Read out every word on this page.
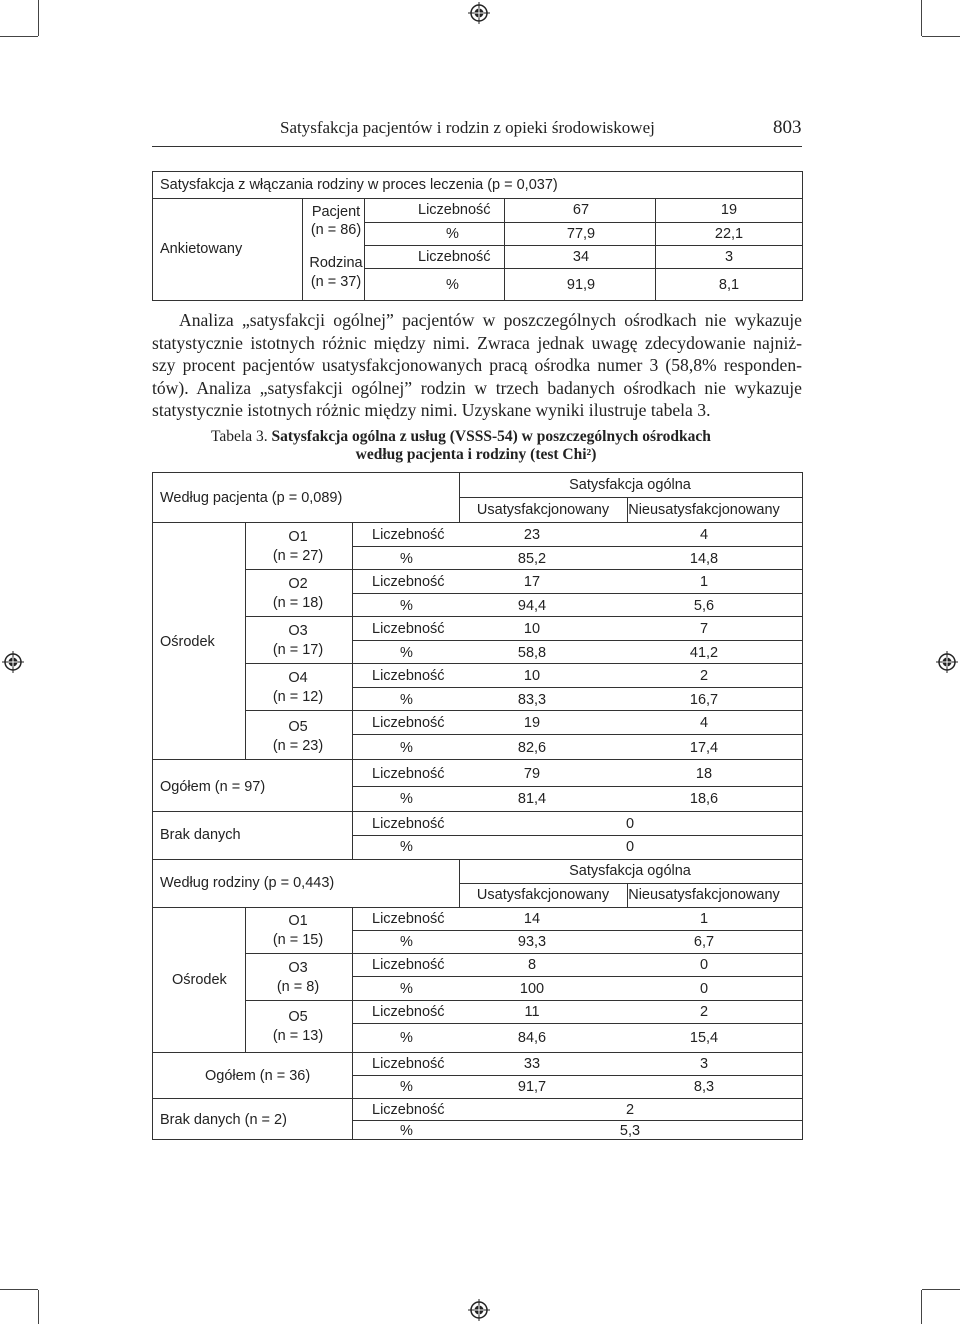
Satysfakcja pacjentów i rodzin z opieki środowiskowej	803
Satysfakcja z włączania rodziny w proces leczenia (p = 0,037)
Ankietowany
Pacjent
(n = 86)
Rodzina
(n = 37)
Liczebność
%
Liczebność
%
67
77,9
34
91,9
19
22,1
3
8,1
Analiza „satysfakcji ogólnej” pacjentów w poszczególnych ośrodkach nie wykazuje
statystycznie istotnych różnic między nimi. Zwraca jednak uwagę zdecydowanie najniż-
szy procent pacjentów usatysfakcjonowanych pracą ośrodka numer 3 (58,8% responden-
tów). Analiza „satysfakcji ogólnej” rodzin w trzech badanych ośrodkach nie wykazuje
statystycznie istotnych różnic między nimi. Uzyskane wyniki ilustruje tabela 3.
Tabela 3. Satysfakcja ogólna z usług (VSSS-54) w poszczególnych ośrodkach
według pacjenta i rodziny (test Chi²)
Według pacjenta (p = 0,089)
Satysfakcja ogólna
Usatysfakcjonowany Nieusatysfakcjonowany
Ośrodek
O1
(n = 27)
O2
(n = 18)
O3
(n = 17)
O4
(n = 12)
O5
(n = 23)
Liczebność
%
Liczebność
%
Liczebność
%
Liczebność
%
Liczebność
%
23
85,2
17
94,4
10
58,8
10
83,3
19
82,6
4
14,8
1
5,6
7
41,2
2
16,7
4
17,4
Ogółem (n = 97)
Liczebność
%
79
81,4
18
18,6
Brak danych
Liczebność
%
0
0
Według rodziny (p = 0,443)
Satysfakcja ogólna
Usatysfakcjonowany Nieusatysfakcjonowany
Ośrodek
O1
(n = 15)
O3
(n = 8)
O5
(n = 13)
Liczebność
%
Liczebność
%
Liczebność
%
14
93,3
8
100
11
84,6
1
6,7
0
0
2
15,4
Ogółem (n = 36)
Liczebność
%
33
91,7
3
8,3
Brak danych (n = 2)
Liczebność
%
2
5,3
